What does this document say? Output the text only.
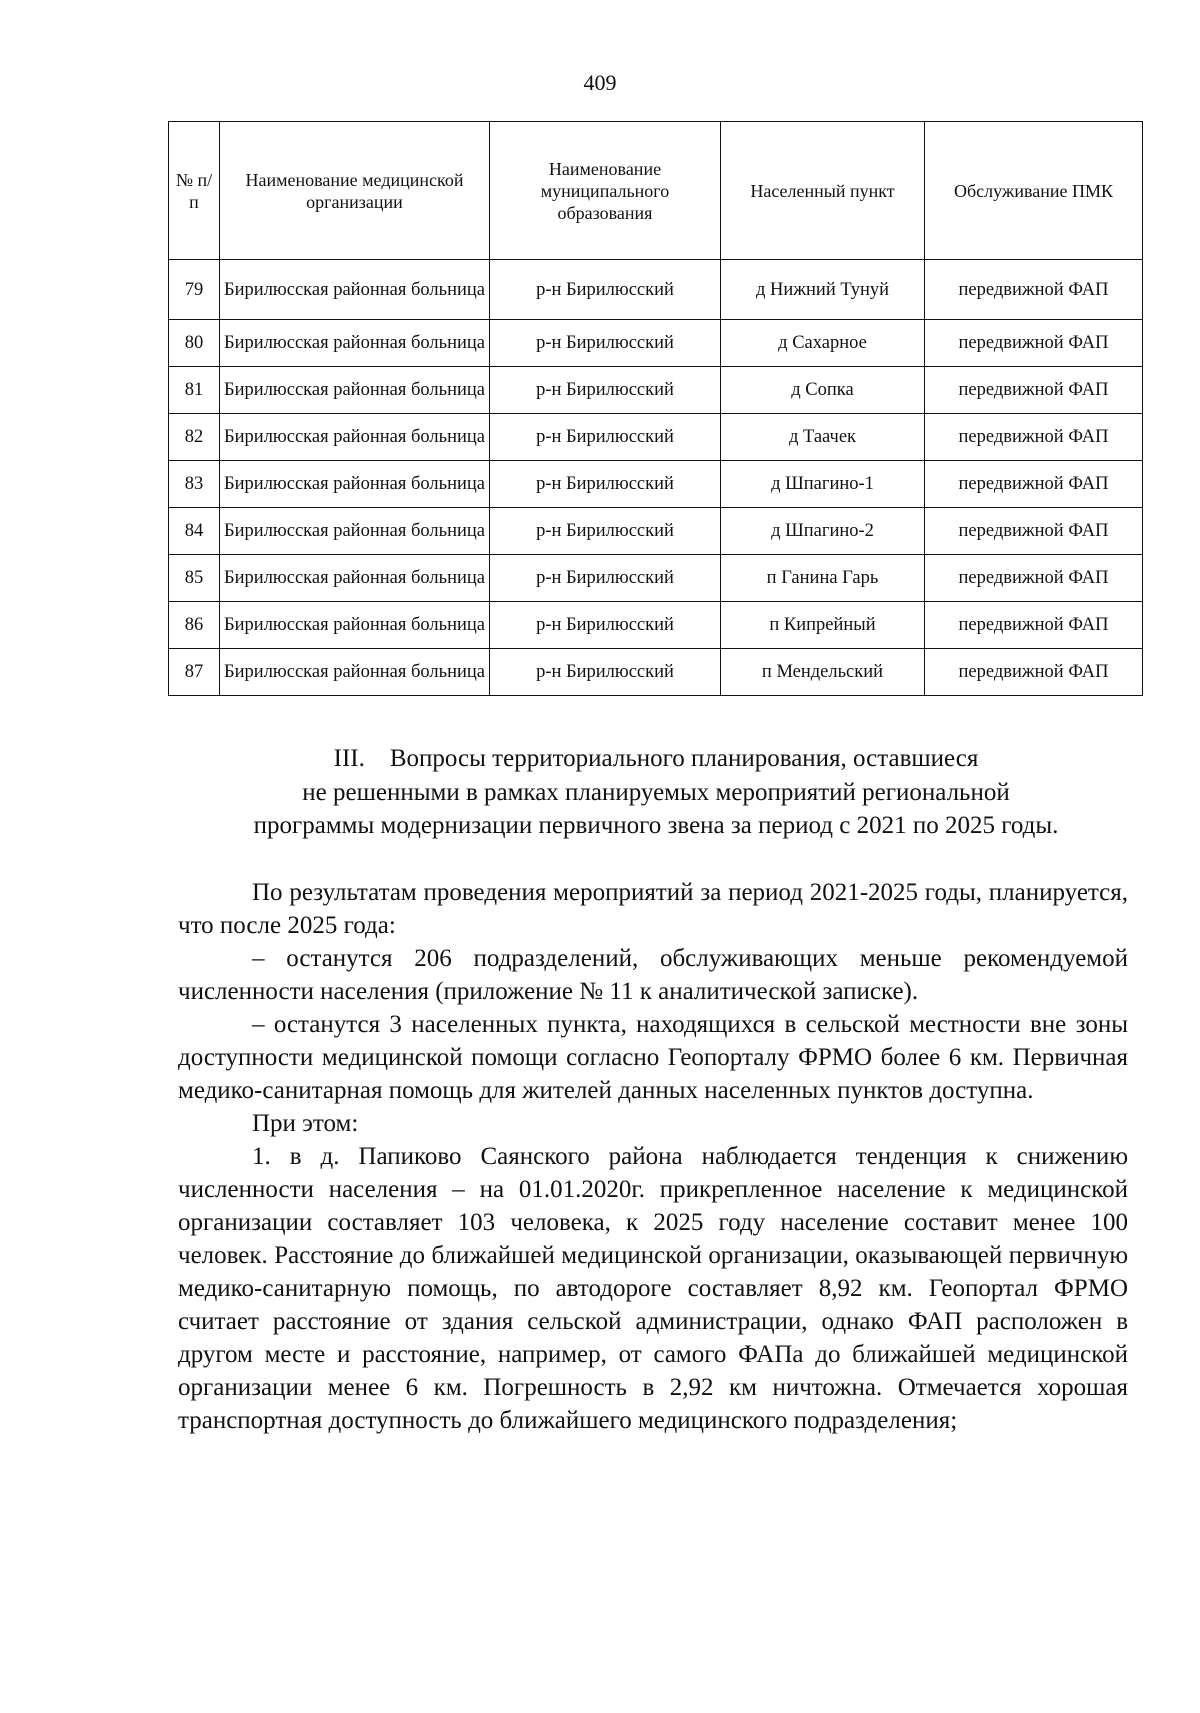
409
№ п/п	Наименование медицинской организации	Наименование муниципального образования	Населенный пункт	Обслуживание ПМК
79	Бирилюсская районная больница	р-н Бирилюсский	д Нижний Тунуй	передвижной ФАП
80	Бирилюсская районная больница	р-н Бирилюсский	д Сахарное	передвижной ФАП
81	Бирилюсская районная больница	р-н Бирилюсский	д Сопка	передвижной ФАП
82	Бирилюсская районная больница	р-н Бирилюсский	д Таачек	передвижной ФАП
83	Бирилюсская районная больница	р-н Бирилюсский	д Шпагино-1	передвижной ФАП
84	Бирилюсская районная больница	р-н Бирилюсский	д Шпагино-2	передвижной ФАП
85	Бирилюсская районная больница	р-н Бирилюсский	п Ганина Гарь	передвижной ФАП
86	Бирилюсская районная больница	р-н Бирилюсский	п Кипрейный	передвижной ФАП
87	Бирилюсская районная больница	р-н Бирилюсский	п Мендельский	передвижной ФАП
III.    Вопросы территориального планирования, оставшиеся
не решенными в рамках планируемых мероприятий региональной
программы модернизации первичного звена за период с 2021 по 2025 годы.

По результатам проведения мероприятий за период 2021-2025 годы, планируется, что после 2025 года:

– останутся 206 подразделений, обслуживающих меньше рекомендуемой численности населения (приложение № 11 к аналитической записке).

– останутся 3 населенных пункта, находящихся в сельской местности вне зоны доступности медицинской помощи согласно Геопорталу ФРМО более 6 км. Первичная медико-санитарная помощь для жителей данных населенных пунктов доступна.

При этом:

1. в д. Папиково Саянского района наблюдается тенденция к снижению численности населения – на 01.01.2020г. прикрепленное население к медицинской организации составляет 103 человека, к 2025 году население составит менее 100 человек. Расстояние до ближайшей медицинской организации, оказывающей первичную медико-санитарную помощь, по автодороге составляет 8,92 км. Геопортал ФРМО считает расстояние от здания сельской администрации, однако ФАП расположен в другом месте и расстояние, например, от самого ФАПа до ближайшей медицинской организации менее 6 км. Погрешность в 2,92 км ничтожна. Отмечается хорошая транспортная доступность до ближайшего медицинского подразделения;
